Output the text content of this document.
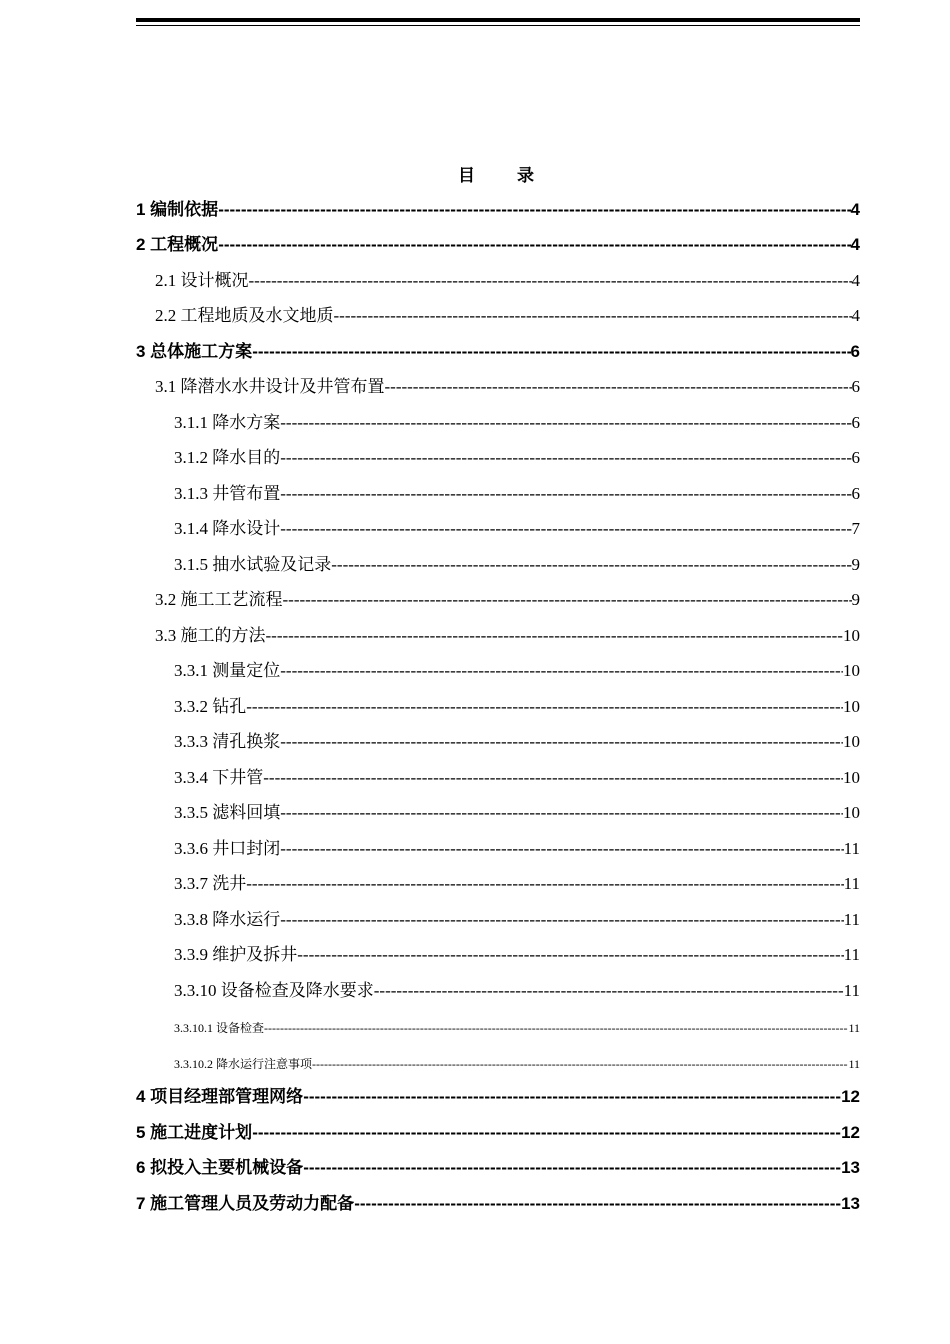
目 录
1 编制依据 -----	4
2 工程概况 -----	4
2.1 设计概况 -----	4
2.2 工程地质及水文地质 -----	4
3 总体施工方案 -----	6
3.1 降潜水水井设计及井管布置 -----	6
3.1.1 降水方案 -----	6
3.1.2 降水目的 -----	6
3.1.3 井管布置 -----	6
3.1.4 降水设计 -----	7
3.1.5 抽水试验及记录 -----	9
3.2 施工工艺流程 -----	9
3.3 施工的方法 -----	10
3.3.1 测量定位 -----	10
3.3.2 钻孔 -----	10
3.3.3 清孔换浆 -----	10
3.3.4 下井管 -----	10
3.3.5 滤料回填 -----	10
3.3.6 井口封闭 -----	11
3.3.7 洗井 -----	11
3.3.8 降水运行 -----	11
3.3.9 维护及拆井 -----	11
3.3.10 设备检查及降水要求 -----	11
3.3.10.1 设备检查 -----	11
3.3.10.2 降水运行注意事项 -----	11
4 项目经理部管理网络 -----	12
5 施工进度计划 -----	12
6 拟投入主要机械设备 -----	13
7 施工管理人员及劳动力配备 -----	13
